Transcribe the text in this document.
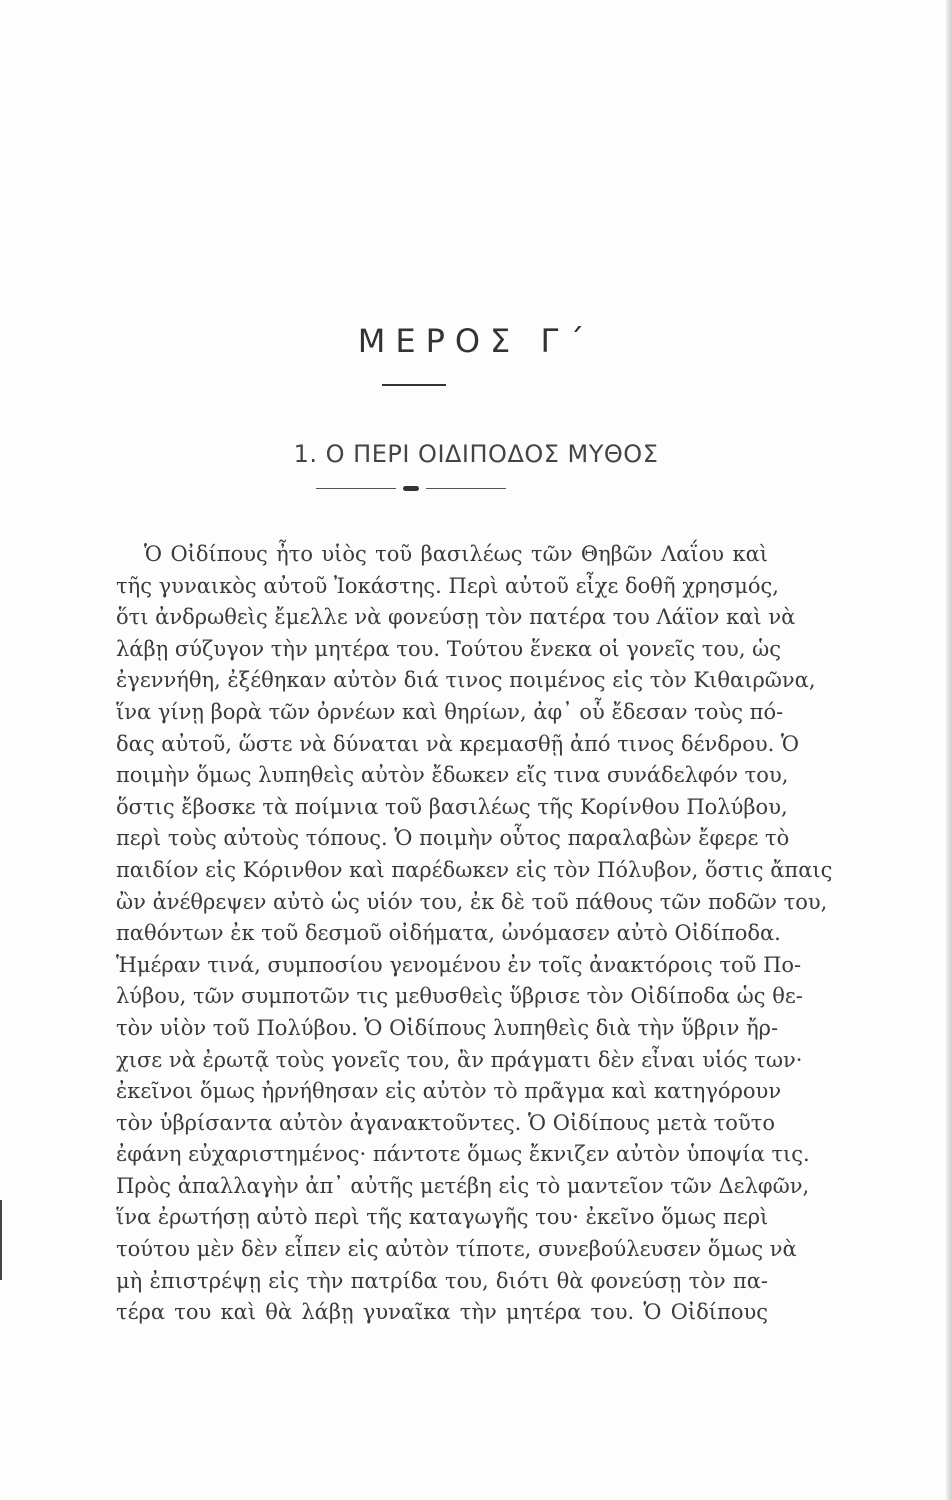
ΜΕΡΟΣ Γ΄
1. Ο ΠΕΡΙ ΟΙΔΙΠΟΔΟΣ ΜΥΘΟΣ
Ὁ Οἰδίπους ἦτο υἱὸς τοῦ βασιλέως τῶν Θηβῶν Λαΐου καὶ
τῆς γυναικὸς αὐτοῦ Ἰοκάστης. Περὶ αὐτοῦ εἶχε δοθῆ χρησμός,
ὅτι ἀνδρωθεὶς ἔμελλε νὰ φονεύσῃ τὸν πατέρα του Λάϊον καὶ νὰ
λάβῃ σύζυγον τὴν μητέρα του. Τούτου ἕνεκα οἱ γονεῖς του, ὡς
ἐγεννήθη, ἐξέθηκαν αὐτὸν διά τινος ποιμένος εἰς τὸν Κιθαιρῶνα,
ἵνα γίνῃ βορὰ τῶν ὀρνέων καὶ θηρίων, ἀφ᾽ οὗ ἔδεσαν τοὺς πό-
δας αὐτοῦ, ὥστε νὰ δύναται νὰ κρεμασθῇ ἀπό τινος δένδρου. Ὁ
ποιμὴν ὅμως λυπηθεὶς αὐτὸν ἔδωκεν εἴς τινα συνάδελφόν του,
ὅστις ἔβοσκε τὰ ποίμνια τοῦ βασιλέως τῆς Κορίνθου Πολύβου,
περὶ τοὺς αὐτοὺς τόπους. Ὁ ποιμὴν οὗτος παραλαβὼν ἔφερε τὸ
παιδίον εἰς Κόρινθον καὶ παρέδωκεν εἰς τὸν Πόλυβον, ὅστις ἄπαις
ὢν ἀνέθρεψεν αὐτὸ ὡς υἱόν του, ἐκ δὲ τοῦ πάθους τῶν ποδῶν του,
παθόντων ἐκ τοῦ δεσμοῦ οἰδήματα, ὠνόμασεν αὐτὸ Οἰδίποδα.
Ἡμέραν τινά, συμποσίου γενομένου ἐν τοῖς ἀνακτόροις τοῦ Πο-
λύβου, τῶν συμποτῶν τις μεθυσθεὶς ὕβρισε τὸν Οἰδίποδα ὡς θε-
τὸν υἱὸν τοῦ Πολύβου. Ὁ Οἰδίπους λυπηθεὶς διὰ τὴν ὕβριν ἤρ-
χισε νὰ ἐρωτᾷ τοὺς γονεῖς του, ἂν πράγματι δὲν εἶναι υἱός των·
ἐκεῖνοι ὅμως ἠρνήθησαν εἰς αὐτὸν τὸ πρᾶγμα καὶ κατηγόρουν
τὸν ὑβρίσαντα αὐτὸν ἀγανακτοῦντες. Ὁ Οἰδίπους μετὰ τοῦτο
ἐφάνη εὐχαριστημένος· πάντοτε ὅμως ἔκνιζεν αὐτὸν ὑποψία τις.
Πρὸς ἀπαλλαγὴν ἀπ᾽ αὐτῆς μετέβη εἰς τὸ μαντεῖον τῶν Δελφῶν,
ἵνα ἐρωτήσῃ αὐτὸ περὶ τῆς καταγωγῆς του· ἐκεῖνο ὅμως περὶ
τούτου μὲν δὲν εἶπεν εἰς αὐτὸν τίποτε, συνεβούλευσεν ὅμως νὰ
μὴ ἐπιστρέψῃ εἰς τὴν πατρίδα του, διότι θὰ φονεύσῃ τὸν πα-
τέρα του καὶ θὰ λάβῃ γυναῖκα τὴν μητέρα του. Ὁ Οἰδίπους
